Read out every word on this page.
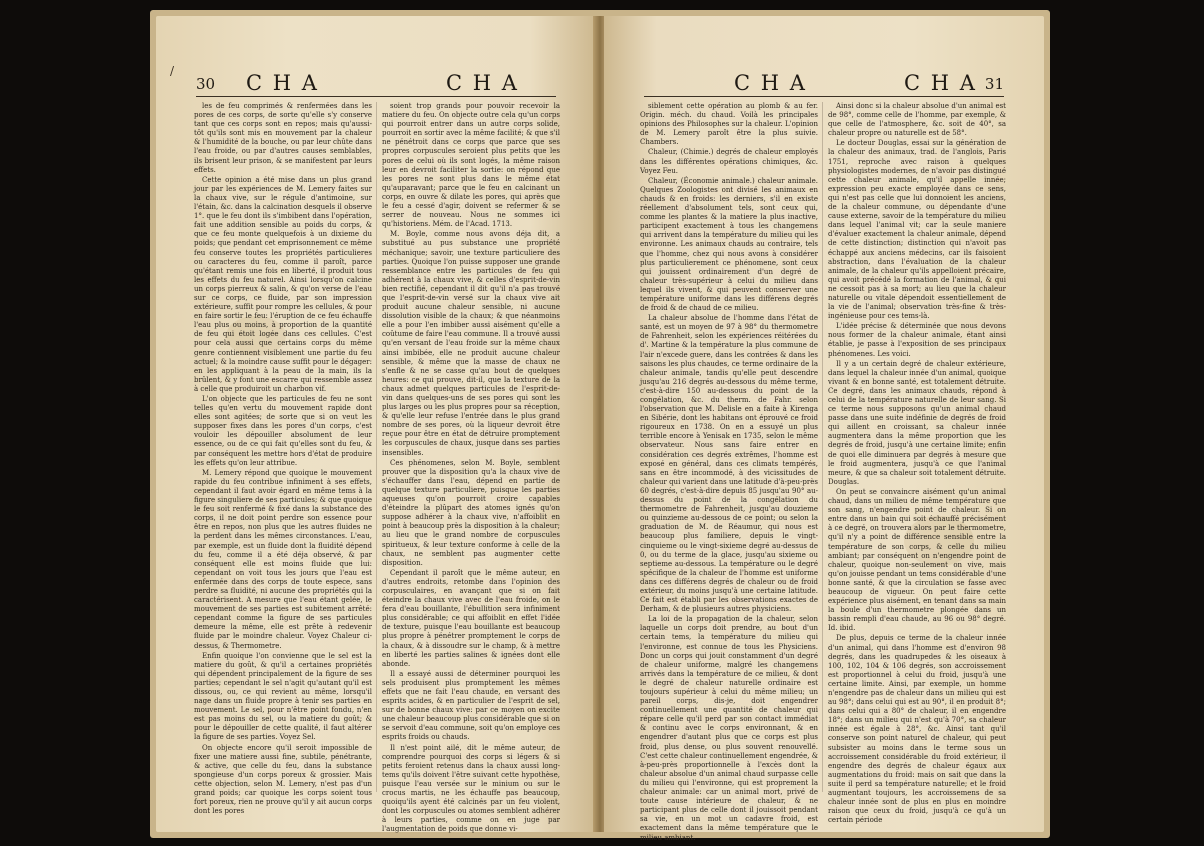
/
30 C H A	C H A

les de feu comprimés & renfermées dans les pores de ces corps, de sorte qu'elle s'y conserve tant que ces corps sont en repos; mais qu'aussi-tôt qu'ils sont mis en mouvement par la chaleur & l'humidité de la bouche, ou par leur chûte dans l'eau froide, ou par d'autres causes semblables, ils brisent leur prison, & se manifestent par leurs effets.

Cette opinion a été mise dans un plus grand jour par les expériences de M. Lemery faites sur la chaux vive, sur le régule d'antimoine, sur l'étain, &c. dans la calcination desquels il observe 1°. que le feu dont ils s'imbibent dans l'opération, fait une addition sensible au poids du corps, & que ce feu monte quelquefois à un dixieme du poids; que pendant cet emprisonnement ce même feu conserve toutes les propriétés particulieres ou caracteres du feu, comme il paroît, parce qu'étant remis une fois en liberté, il produit tous les effets du feu naturel. Ainsi lorsqu'on calcine un corps pierreux & salin, & qu'on verse de l'eau sur ce corps, ce fluide, par son impression extérieure, suffit pour rompre les cellules, & pour en faire sortir le feu: l'éruption de ce feu échauffe l'eau plus ou moins, à proportion de la quantité de feu qui étoit logée dans ces cellules. C'est pour cela aussi que certains corps du même genre contiennent visiblement une partie du feu actuel; & la moindre cause suffit pour le dégager: en les appliquant à la peau de la main, ils la brûlent, & y font une escarre qui ressemble assez à celle que produiroit un charbon vif.

L'on objecte que les particules de feu ne sont telles qu'en vertu du mouvement rapide dont elles sont agitées; de sorte que si on veut les supposer fixes dans les pores d'un corps, c'est vouloir les dépouiller absolument de leur essence, ou de ce qui fait qu'elles sont du feu, & par conséquent les mettre hors d'état de produire les effets qu'on leur attribue.

M. Lemery répond que quoique le mouvement rapide du feu contribue infiniment à ses effets, cependant il faut avoir égard en même tems à la figure singuliere de ses particules; & que quoique le feu soit renfermé & fixé dans la substance des corps, il ne doit point perdre son essence pour être en repos, non plus que les autres fluides ne la perdent dans les mêmes circonstances. L'eau, par exemple, est un fluide dont la fluidité dépend du feu, comme il a été déja observé, & par conséquent elle est moins fluide que lui: cependant on voit tous les jours que l'eau est enfermée dans des corps de toute espece, sans perdre sa fluidité, ni aucune des propriétés qui la caractérisent. A mesure que l'eau étant gelée, le mouvement de ses parties est subitement arrêté: cependant comme la figure de ses particules demeure la même, elle est prête à redevenir fluide par le moindre chaleur. Voyez Chaleur ci-dessus, & Thermometre.

Enfin quoique l'on convienne que le sel est la matiere du goût, & qu'il a certaines propriétés qui dépendent principalement de la figure de ses parties; cependant le sel n'agit qu'autant qu'il est dissous, ou, ce qui revient au même, lorsqu'il nage dans un fluide propre à tenir ses parties en mouvement. Le sel, pour n'être point fondu, n'en est pas moins du sel, ou la matiere du goût; & pour le dépouiller de cette qualité, il faut altérer la figure de ses parties. Voyez Sel.

On objecte encore qu'il seroit impossible de fixer une matiere aussi fine, subtile, pénétrante, & active, que celle du feu, dans la substance spongieuse d'un corps poreux & grossier. Mais cette objection, selon M. Lemery, n'est pas d'un grand poids; car quoique les corps soient tous fort poreux, rien ne prouve qu'il y ait aucun corps dont les pores

soient trop grands pour pouvoir recevoir la matiere du feu. On objecte outre cela qu'un corps qui pourroit entrer dans un autre corps solide, pourroit en sortir avec la même facilité; & que s'il ne pénétroit dans ce corps que parce que ses propres corpuscules seroient plus petits que les pores de celui où ils sont logés, la même raison leur en devroit faciliter la sortie: on répond que les pores ne sont plus dans le même état qu'auparavant; parce que le feu en calcinant un corps, en ouvre & dilate les pores, qui après que le feu a cessé d'agir, doivent se refermer & se serrer de nouveau. Nous ne sommes ici qu'historiens. Mém. de l'Acad. 1713.

M. Boyle, comme nous avons déja dit, a substitué au pus substance une propriété méchanique; savoir, une texture particuliere des parties. Quoique l'on puisse supposer une grande ressemblance entre les particules de feu qui adhérent à la chaux vive, & celles d'esprit-de-vin bien rectifié, cependant il dit qu'il n'a pas trouvé que l'esprit-de-vin versé sur la chaux vive ait produit aucune chaleur sensible, ni aucune dissolution visible de la chaux; & que néanmoins elle a pour l'en imbiber aussi aisément qu'elle a coûtume de faire l'eau commune. Il a trouvé aussi qu'en versant de l'eau froide sur la même chaux ainsi imbibée, elle ne produit aucune chaleur sensible, & même que la masse de chaux ne s'enfle & ne se casse qu'au bout de quelques heures: ce qui prouve, dit-il, que la texture de la chaux admet quelques particules de l'esprit-de-vin dans quelques-uns de ses pores qui sont les plus larges ou les plus propres pour sa réception, & qu'elle leur refuse l'entrée dans le plus grand nombre de ses pores, où la liqueur devroit être reçue pour être en état de détruire promptement les corpuscules de chaux, jusque dans ses parties insensibles.

Ces phénomenes, selon M. Boyle, semblent prouver que la disposition qu'a la chaux vive de s'échauffer dans l'eau, dépend en partie de quelque texture particuliere, puisque les parties aqueuses qu'on pourroit croire capables d'éteindre la plûpart des atomes ignés qu'on suppose adhérer à la chaux vive, n'affoiblit en point à beaucoup près la disposition à la chaleur; au lieu que le grand nombre de corpuscules spiritueux, & leur texture conforme à celle de la chaux, ne semblent pas augmenter cette disposition.

Cependant il paroît que le même auteur, en d'autres endroits, retombe dans l'opinion des corpusculaires, en avançant que si on fait éteindre la chaux vive avec de l'eau froide, on le fera d'eau bouillante, l'ébullition sera infiniment plus considérable; ce qui affoiblit en effet l'idée de texture, puisque l'eau bouillante est beaucoup plus propre à pénétrer promptement le corps de la chaux, & à dissoudre sur le champ, & à mettre en liberté les parties salines & ignées dont elle abonde.

Il a essayé aussi de déterminer pourquoi les sels produisent plus promptement les mêmes effets que ne fait l'eau chaude, en versant des esprits acides, & en particulier de l'esprit de sel, sur de bonne chaux vive: par ce moyen on excite une chaleur beaucoup plus considérable que si on se servoit d'eau commune, soit qu'on employe ces esprits froids ou chauds.

Il n'est point ailé, dit le même auteur, de comprendre pourquoi des corps si légers & si petits feroient retenus dans la chaux aussi long-tems qu'ils doivent l'être suivant cette hypothèse, puisque l'eau versée sur le minium ou sur le crocus martis, ne les échauffe pas beaucoup, quoiqu'ils ayent été calcinés par un feu violent, dont les corpuscules ou atomes semblent adhérer à leurs parties, comme on en juge par l'augmentation de poids que donne vi-

C H A	C H A 31

siblement cette opération au plomb & au fer. Origin. méch. du chaud. Voilà les principales opinions des Philosophes sur la chaleur. L'opinion de M. Lemery paroît être la plus suivie. Chambers.

Chaleur, (Chimie.) degrés de chaleur employés dans les différentes opérations chimiques, &c. Voyez Feu.

Chaleur, (Économie animale.) chaleur animale. Quelques Zoologistes ont divisé les animaux en chauds & en froids: les derniers, s'il en existe réellement d'absolument tels, sont ceux qui, comme les plantes & la matiere la plus inactive, participent exactement à tous les changemens qui arrivent dans la température du milieu qui les environne. Les animaux chauds au contraire, tels que l'homme, chez qui nous avons à considérer plus particulierement ce phénomene, sont ceux qui jouissent ordinairement d'un degré de chaleur très-supérieur à celui du milieu dans lequel ils vivent, & qui peuvent conserver une température uniforme dans les différens degrés de froid & de chaud de ce milieu.

La chaleur absolue de l'homme dans l'état de santé, est un moyen de 97 à 98° du thermometre de Fahrenheit, selon les expériences réitérées du d'. Martine & la température la plus commune de l'air n'excede guere, dans les contrées & dans les saisons les plus chaudes, ce terme ordinaire de la chaleur animale, tandis qu'elle peut descendre jusqu'au 216 degrés au-dessous du même terme, c'est-à-dire 150 au-dessous du point de la congélation, &c. du therm. de Fahr. selon l'observation que M. Delisle en a faite à Kirenga en Sibérie, dont les habitans ont éprouvé ce froid rigoureux en 1738. On en a essuyé un plus terrible encore à Yenisak en 1735, selon le même observateur. Nous sans faire entrer en considération ces degrés extrêmes, l'homme est exposé en général, dans ces climats tempérés, sans en être incommodé, à des vicissitudes de chaleur qui varient dans une latitude d'à-peu-près 60 degrés, c'est-à-dire depuis 85 jusqu'au 90° au-dessus du point de la congélation du thermometre de Fahrenheit, jusqu'au douzieme ou quinzieme au-dessous de ce point; ou selon la graduation de M. de Réaumur, qui nous est beaucoup plus familiere, depuis le vingt-cinquieme ou le vingt-sixieme degré au-dessus de 0, ou du terme de la glace, jusqu'au sixieme ou septieme au-dessous. La température ou le degré spécifique de la chaleur de l'homme est uniforme dans ces différens degrés de chaleur ou de froid extérieur, du moins jusqu'à une certaine latitude. Ce fait est établi par les observations exactes de Derham, & de plusieurs autres physiciens.

La loi de la propagation de la chaleur, selon laquelle un corps doit prendre, au bout d'un certain tems, la température du milieu qui l'environne, est connue de tous les Physiciens. Donc un corps qui jouit constamment d'un degré de chaleur uniforme, malgré les changemens arrivés dans la température de ce milieu, & dont le degré de chaleur naturelle ordinaire est toujours supérieur à celui du même milieu; un pareil corps, dis-je, doit engendrer continuellement une quantité de chaleur qui répare celle qu'il perd par son contact immédiat & continu avec le corps environnant, & en engendrer d'autant plus que ce corps est plus froid, plus dense, ou plus souvent renouvellé. C'est cette chaleur continuellement engendrée, & à-peu-près proportionnelle à l'excès dont la chaleur absolue d'un animal chaud surpasse celle du milieu qui l'environne, qui est proprement la chaleur animale: car un animal mort, privé de toute cause intérieure de chaleur, & ne participant plus de celle dont il jouissoit pendant sa vie, en un mot un cadavre froid, est exactement dans la même température que le milieu ambiant.

Ainsi donc si la chaleur absolue d'un animal est de 98°, comme celle de l'homme, par exemple, & que celle de l'atmosphere, &c. soit de 40°, sa chaleur propre ou naturelle est de 58°.

Le docteur Douglas, essai sur la génération de la chaleur des animaux, trad. de l'anglois, Paris 1751, reproche avec raison à quelques physiologistes modernes, de n'avoir pas distingué cette chaleur animale, qu'il appelle innée; expression peu exacte employée dans ce sens, qui n'est pas celle que lui donnoient les anciens, de la chaleur commune, ou dépendante d'une cause externe, savoir de la température du milieu dans lequel l'animal vit; car la seule maniere d'évaluer exactement la chaleur animale, dépend de cette distinction; distinction qui n'avoit pas échappé aux anciens médecins, car ils faisoient abstraction, dans l'évaluation de la chaleur animale, de la chaleur qu'ils appelloient précaire, qui avoit précédé la formation de l'animal, & qui ne cessoit pas à sa mort; au lieu que la chaleur naturelle ou vitale dépendoit essentiellement de la vie de l'animal; observation très-fine & très-ingénieuse pour ces tems-là.

L'idée précise & déterminée que nous devons nous former de la chaleur animale, étant ainsi établie, je passe à l'exposition de ses principaux phénomenes. Les voici.

Il y a un certain degré de chaleur extérieure, dans lequel la chaleur innée d'un animal, quoique vivant & en bonne santé, est totalement détruite. Ce degré, dans les animaux chauds, répond à celui de la température naturelle de leur sang. Si ce terme nous supposons qu'un animal chaud passe dans une suite indéfinie de degrés de froid qui aillent en croissant, sa chaleur innée augmentera dans la même proportion que les degrés de froid, jusqu'à une certaine limite; enfin de quoi elle diminuera par degrés à mesure que le froid augmentera, jusqu'à ce que l'animal meure, & que sa chaleur soit totalement détruite. Douglas.

On peut se convaincre aisément qu'un animal chaud, dans un milieu de même température que son sang, n'engendre point de chaleur. Si on entre dans un bain qui soit échauffé précisément à ce degré, on trouvera alors par le thermometre, qu'il n'y a point de différence sensible entre la température de son corps, & celle du milieu ambiant; par conséquent on n'engendre point de chaleur, quoique non-seulement on vive, mais qu'on jouisse pendant un tems considérable d'une bonne santé, & que la circulation se fasse avec beaucoup de vigueur. On peut faire cette expérience plus aisément, en tenant dans sa main la boule d'un thermometre plongée dans un bassin rempli d'eau chaude, au 96 ou 98° degré. Id. ibid.

De plus, depuis ce terme de la chaleur innée d'un animal, qui dans l'homme est d'environ 98 degrés, dans les quadrupedes & les oiseaux à 100, 102, 104 & 106 degrés, son accroissement est proportionnel à celui du froid, jusqu'à une certaine limite. Ainsi, par exemple, un homme n'engendre pas de chaleur dans un milieu qui est au 98°; dans celui qui est au 90°, il en produit 8°; dans celui qui a 80° de chaleur, il en engendre 18°; dans un milieu qui n'est qu'à 70°, sa chaleur innée est égale à 28°, &c. Ainsi tant qu'il conserve son point naturel de chaleur, qui peut subsister au moins dans le terme sous un accroissement considérable du froid extérieur, il engendre des degrés de chaleur égaux aux augmentations du froid: mais on sait que dans la suite il perd sa température naturelle; et le froid augmentant toujours, les accroissemens de sa chaleur innée sont de plus en plus en moindre raison que ceux du froid, jusqu'à ce qu'à un certain période
